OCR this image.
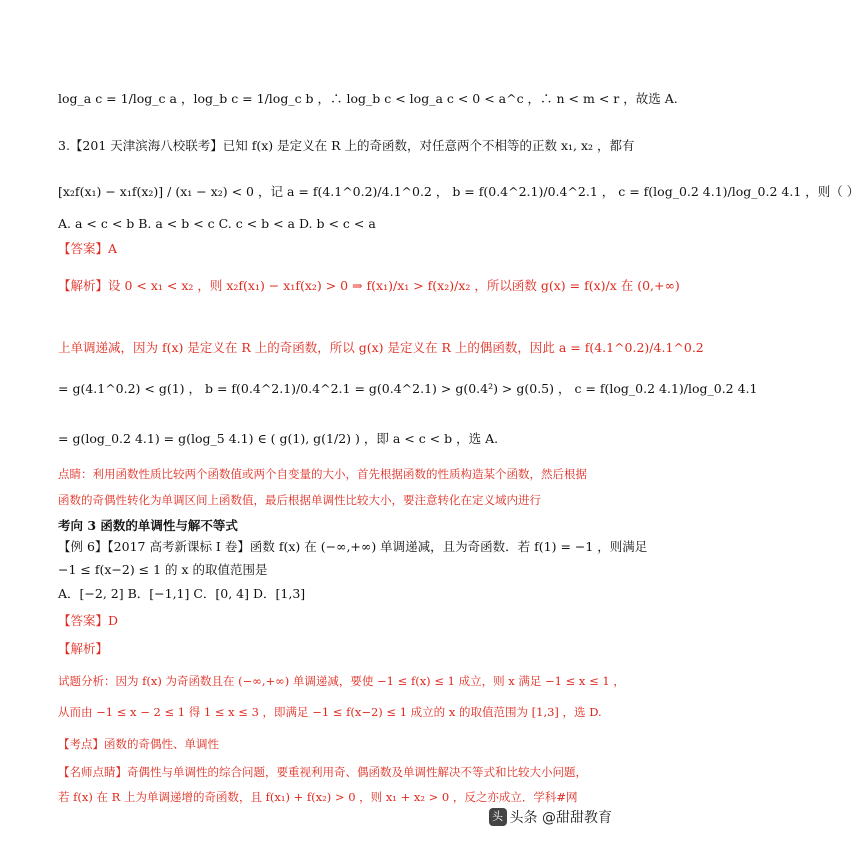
log_a c = 1/log_c a ，log_b c = 1/log_c b ，∴ log_b c < log_a c < 0 < a^c ，∴ n < m < r ，故选 A.
3.【201 天津滨海八校联考】已知 f(x) 是定义在 R 上的奇函数，对任意两个不相等的正数 x₁, x₂ ，都有
[x₂f(x₁) − x₁f(x₂)] / (x₁ − x₂) < 0 ，记 a = f(4.1^0.2)/4.1^0.2 ， b = f(0.4^2.1)/0.4^2.1 ， c = f(log_0.2 4.1)/log_0.2 4.1 ，则（ ）
A. a < c < b B. a < b < c C. c < b < a D. b < c < a
【答案】A
【解析】设 0 < x₁ < x₂ ，则 x₂f(x₁) − x₁f(x₂) > 0 ⇒ f(x₁)/x₁ > f(x₂)/x₂ ，所以函数 g(x) = f(x)/x 在 (0,+∞)
上单调递减，因为 f(x) 是定义在 R 上的奇函数，所以 g(x) 是定义在 R 上的偶函数，因此 a = f(4.1^0.2)/4.1^0.2
= g(4.1^0.2) < g(1) ， b = f(0.4^2.1)/0.4^2.1 = g(0.4^2.1) > g(0.4²) > g(0.5) ， c = f(log_0.2 4.1)/log_0.2 4.1
= g(log_0.2 4.1) = g(log_5 4.1) ∈ ( g(1), g(1/2) ) ，即 a < c < b ，选 A.
点睛：利用函数性质比较两个函数值或两个自变量的大小，首先根据函数的性质构造某个函数，然后根据
函数的奇偶性转化为单调区间上函数值，最后根据单调性比较大小，要注意转化在定义域内进行
考向 3 函数的单调性与解不等式
【例 6】【2017 高考新课标 I 卷】函数 f(x) 在 (−∞,+∞) 单调递减，且为奇函数．若 f(1) = −1 ，则满足
−1 ≤ f(x−2) ≤ 1 的 x 的取值范围是
A．[−2, 2] B．[−1,1] C．[0, 4] D．[1,3]
【答案】D
【解析】
试题分析：因为 f(x) 为奇函数且在 (−∞,+∞) 单调递减，要使 −1 ≤ f(x) ≤ 1 成立，则 x 满足 −1 ≤ x ≤ 1 ，
从而由 −1 ≤ x − 2 ≤ 1 得 1 ≤ x ≤ 3 ，即满足 −1 ≤ f(x−2) ≤ 1 成立的 x 的取值范围为 [1,3] ，选 D.
【考点】函数的奇偶性、单调性
【名师点睛】奇偶性与单调性的综合问题，要重视利用奇、偶函数及单调性解决不等式和比较大小问题，
若 f(x) 在 R 上为单调递增的奇函数，且 f(x₁) + f(x₂) > 0 ，则 x₁ + x₂ > 0 ，反之亦成立．学科#网
头 头条 @甜甜教育
